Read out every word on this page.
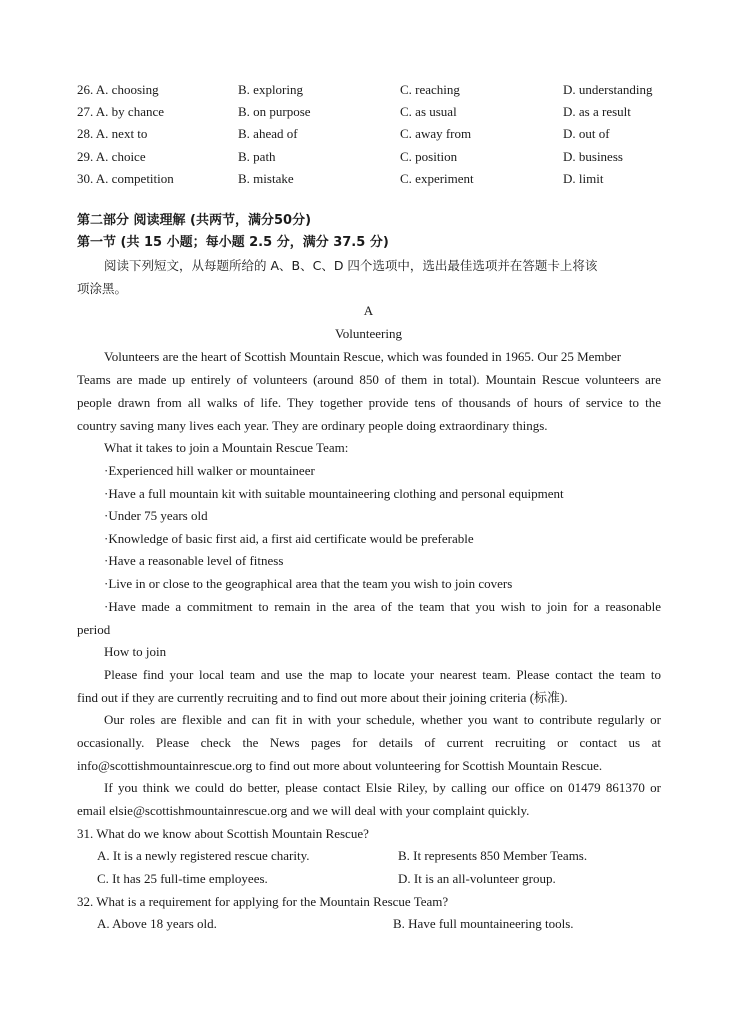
26. A. choosing	B. exploring	C. reaching	D. understanding
27. A. by chance	B. on purpose	C. as usual	D. as a result
28. A. next to	B. ahead of	C. away from	D. out of
29. A. choice	B. path	C. position	D. business
30. A. competition	B. mistake	C. experiment	D. limit
第二部分 阅读理解 (共两节，满分50分)
第一节 (共 15 小题；每小题 2.5 分，满分 37.5 分)
阅读下列短文，从每题所给的 A、B、C、D 四个选项中，选出最佳选项并在答题卡上将该
项涂黑。
A
Volunteering
Volunteers are the heart of Scottish Mountain Rescue, which was founded in 1965. Our 25 Member
Teams are made up entirely of volunteers (around 850 of them in total). Mountain Rescue volunteers are
people drawn from all walks of life. They together provide tens of thousands of hours of service to the
country saving many lives each year. They are ordinary people doing extraordinary things.
What it takes to join a Mountain Rescue Team:
·Experienced hill walker or mountaineer
·Have a full mountain kit with suitable mountaineering clothing and personal equipment
·Under 75 years old
·Knowledge of basic first aid, a first aid certificate would be preferable
·Have a reasonable level of fitness
·Live in or close to the geographical area that the team you wish to join covers
·Have made a commitment to remain in the area of the team that you wish to join for a reasonable
period
How to join
Please find your local team and use the map to locate your nearest team. Please contact the team to
find out if they are currently recruiting and to find out more about their joining criteria (标准).
Our roles are flexible and can fit in with your schedule, whether you want to contribute regularly or
occasionally. Please check the News pages for details of current recruiting or contact us at
info@scottishmountainrescue.org to find out more about volunteering for Scottish Mountain Rescue.
If you think we could do better, please contact Elsie Riley, by calling our office on 01479 861370 or
email elsie@scottishmountainrescue.org and we will deal with your complaint quickly.
31. What do we know about Scottish Mountain Rescue?
A. It is a newly registered rescue charity.	B. It represents 850 Member Teams.
C. It has 25 full-time employees.	D. It is an all-volunteer group.
32. What is a requirement for applying for the Mountain Rescue Team?
A. Above 18 years old.	B. Have full mountaineering tools.
